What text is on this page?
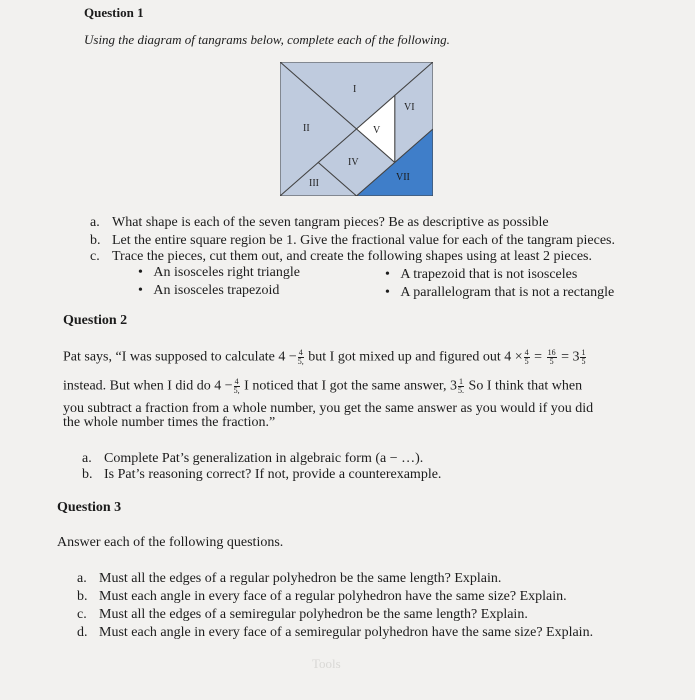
Question 1
Using the diagram of tangrams below, complete each of the following.
I
II
III
IV
V
VI
VII
a. What shape is each of the seven tangram pieces? Be as descriptive as possible
b. Let the entire square region be 1. Give the fractional value for each of the tangram pieces.
c. Trace the pieces, cut them out, and create the following shapes using at least 2 pieces.
• An isosceles right triangle
• An isosceles trapezoid
• A trapezoid that is not isosceles
• A parallelogram that is not a rectangle
Question 2
Pat says, “I was supposed to calculate $4 - \frac{4}{5,}$ but I got mixed up and figured out $4 \times \frac{4}{5} = \frac{16}{5} = 3 \frac{1}{5}$
instead. But when I did do $4 - \frac{4}{5,}$ I noticed that I got the same answer, $3 \frac{1}{5.}$ So I think that when
you subtract a fraction from a whole number, you get the same answer as you would if you did
the whole number times the fraction.”
a. Complete Pat’s generalization in algebraic form (a − …).
b. Is Pat’s reasoning correct? If not, provide a counterexample.
Question 3
Answer each of the following questions.
a. Must all the edges of a regular polyhedron be the same length? Explain.
b. Must each angle in every face of a regular polyhedron have the same size? Explain.
c. Must all the edges of a semiregular polyhedron be the same length? Explain.
d. Must each angle in every face of a semiregular polyhedron have the same size? Explain.
Tools
